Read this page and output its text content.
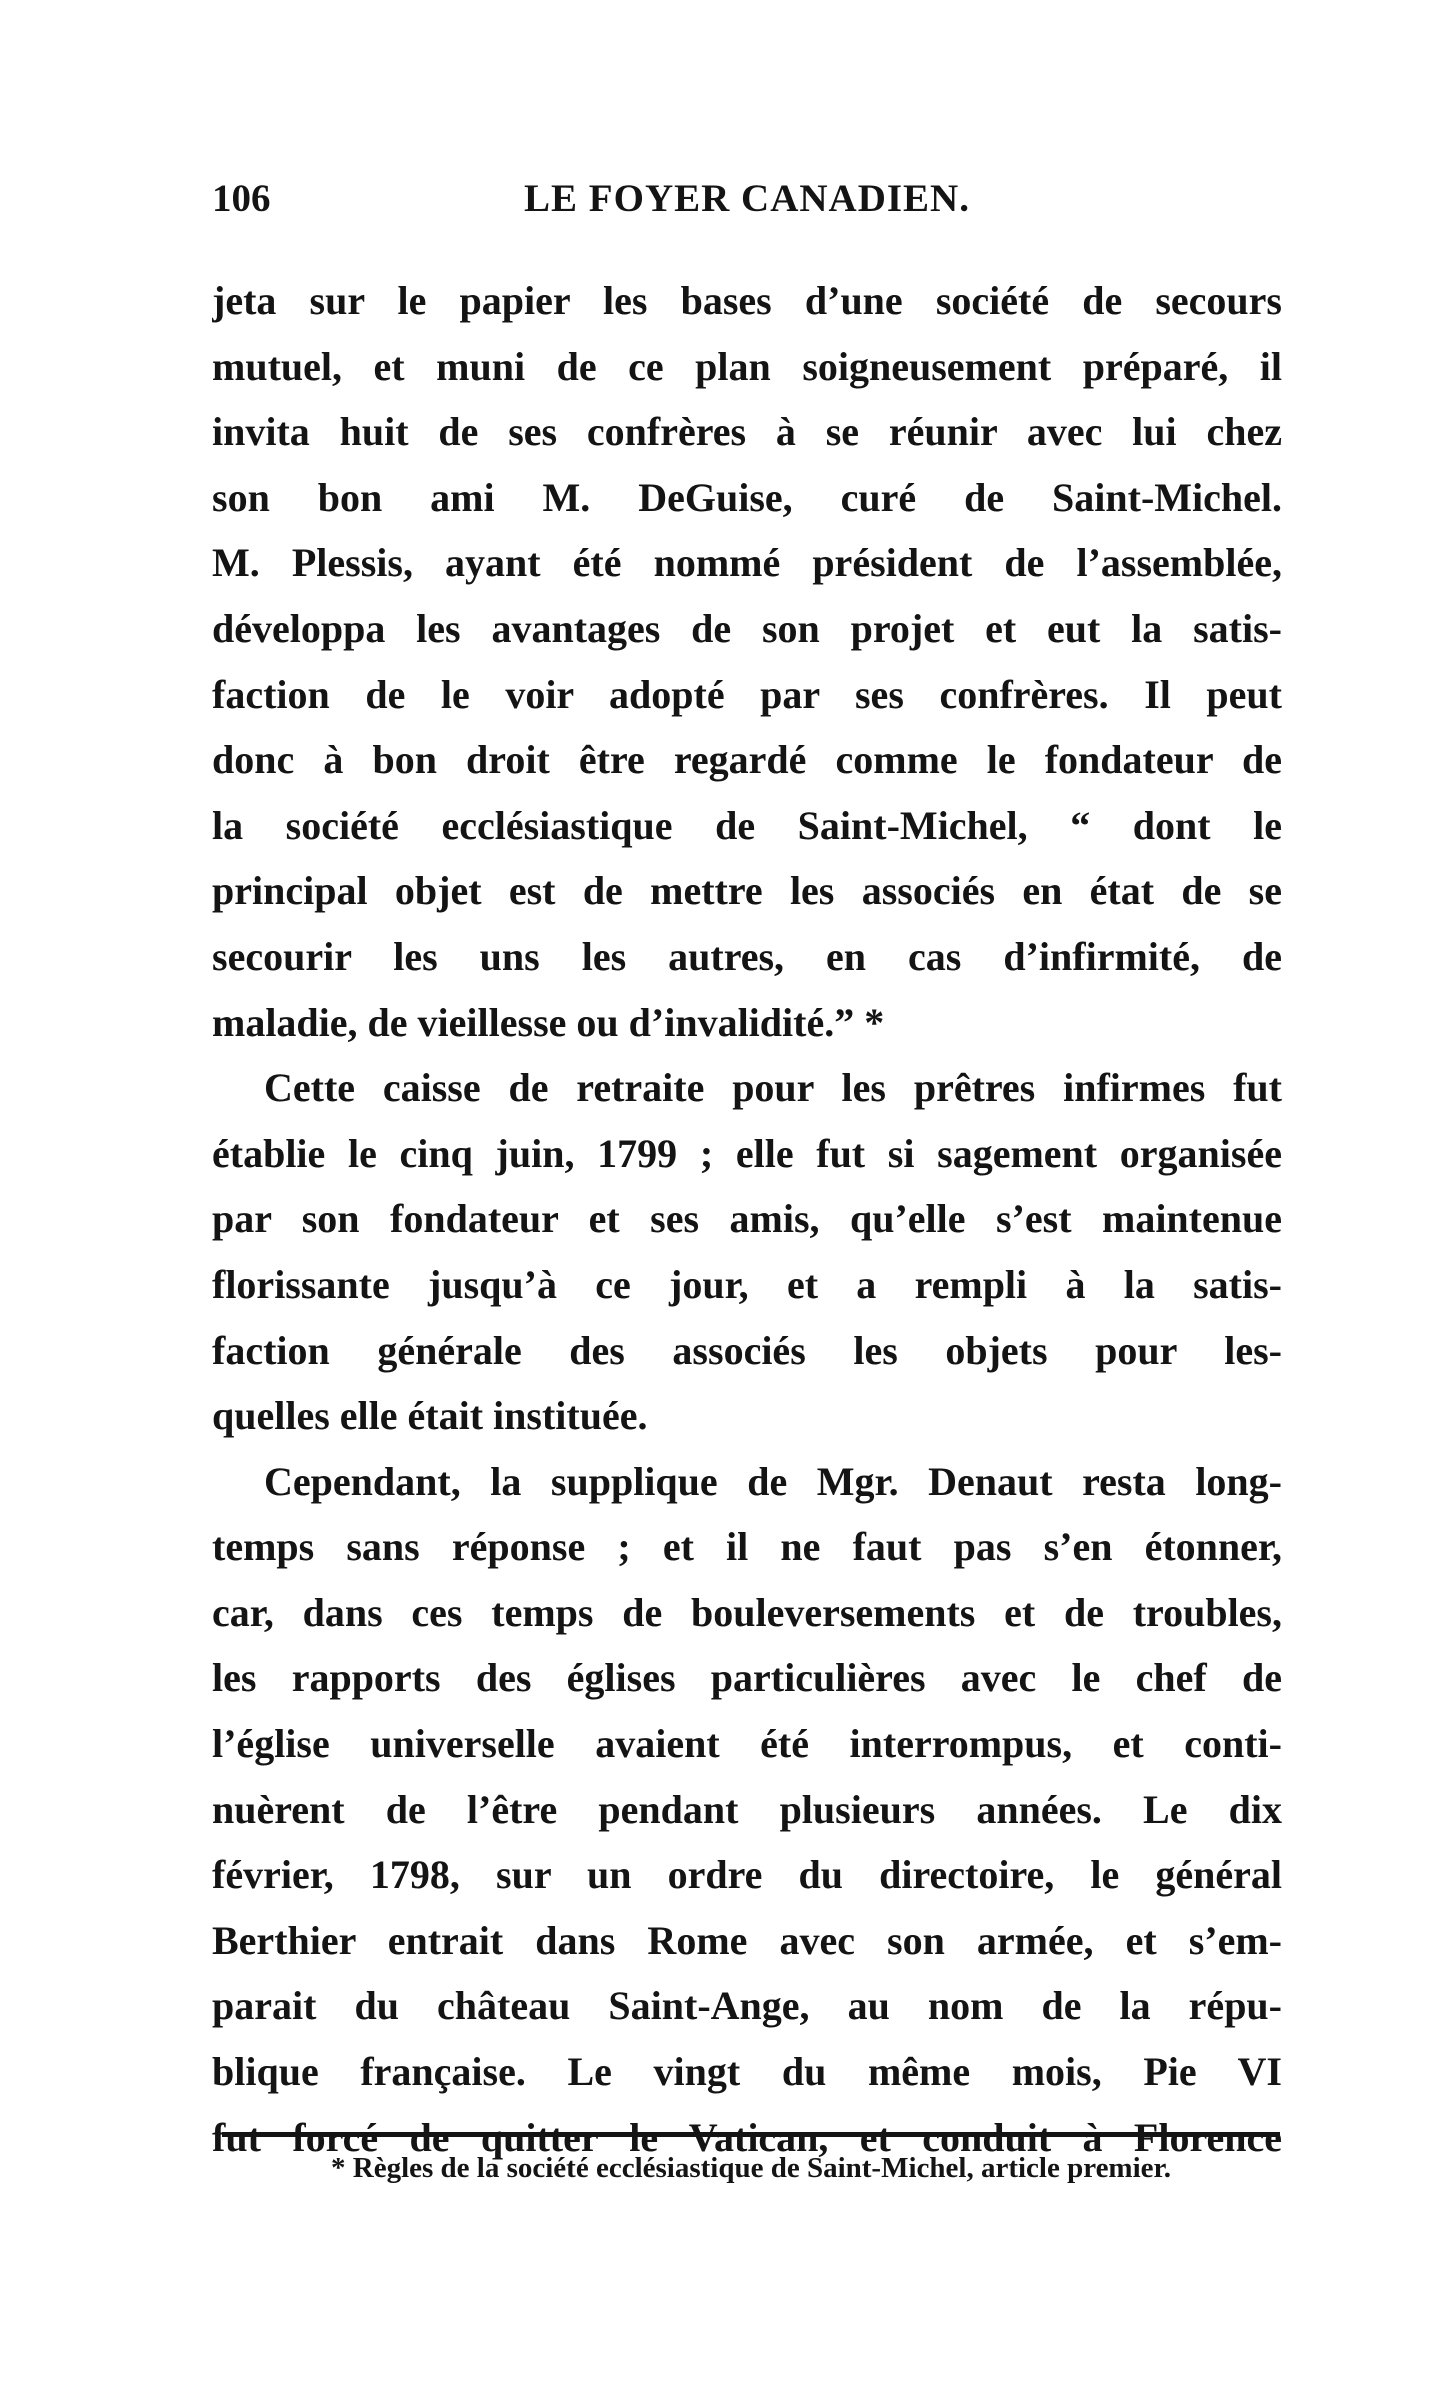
106	LE FOYER CANADIEN.
jeta sur le papier les bases d’une société de secours
mutuel, et muni de ce plan soigneusement préparé, il
invita huit de ses confrères à se réunir avec lui chez
son bon ami M. DeGuise, curé de Saint-Michel.
M. Plessis, ayant été nommé président de l’assemblée,
développa les avantages de son projet et eut la satis-
faction de le voir adopté par ses confrères. Il peut
donc à bon droit être regardé comme le fondateur de
la société ecclésiastique de Saint-Michel, “ dont le
principal objet est de mettre les associés en état de se
secourir les uns les autres, en cas d’infirmité, de
maladie, de vieillesse ou d’invalidité.” *
Cette caisse de retraite pour les prêtres infirmes fut
établie le cinq juin, 1799 ; elle fut si sagement organisée
par son fondateur et ses amis, qu’elle s’est maintenue
florissante jusqu’à ce jour, et a rempli à la satis-
faction générale des associés les objets pour les-
quelles elle était instituée.
Cependant, la supplique de Mgr. Denaut resta long-
temps sans réponse ; et il ne faut pas s’en étonner,
car, dans ces temps de bouleversements et de troubles,
les rapports des églises particulières avec le chef de
l’église universelle avaient été interrompus, et conti-
nuèrent de l’être pendant plusieurs années. Le dix
février, 1798, sur un ordre du directoire, le général
Berthier entrait dans Rome avec son armée, et s’em-
parait du château Saint-Ange, au nom de la répu-
blique française. Le vingt du même mois, Pie VI
fut forcé de quitter le Vatican, et conduit à Florence
* Règles de la société ecclésiastique de Saint-Michel, article premier.
